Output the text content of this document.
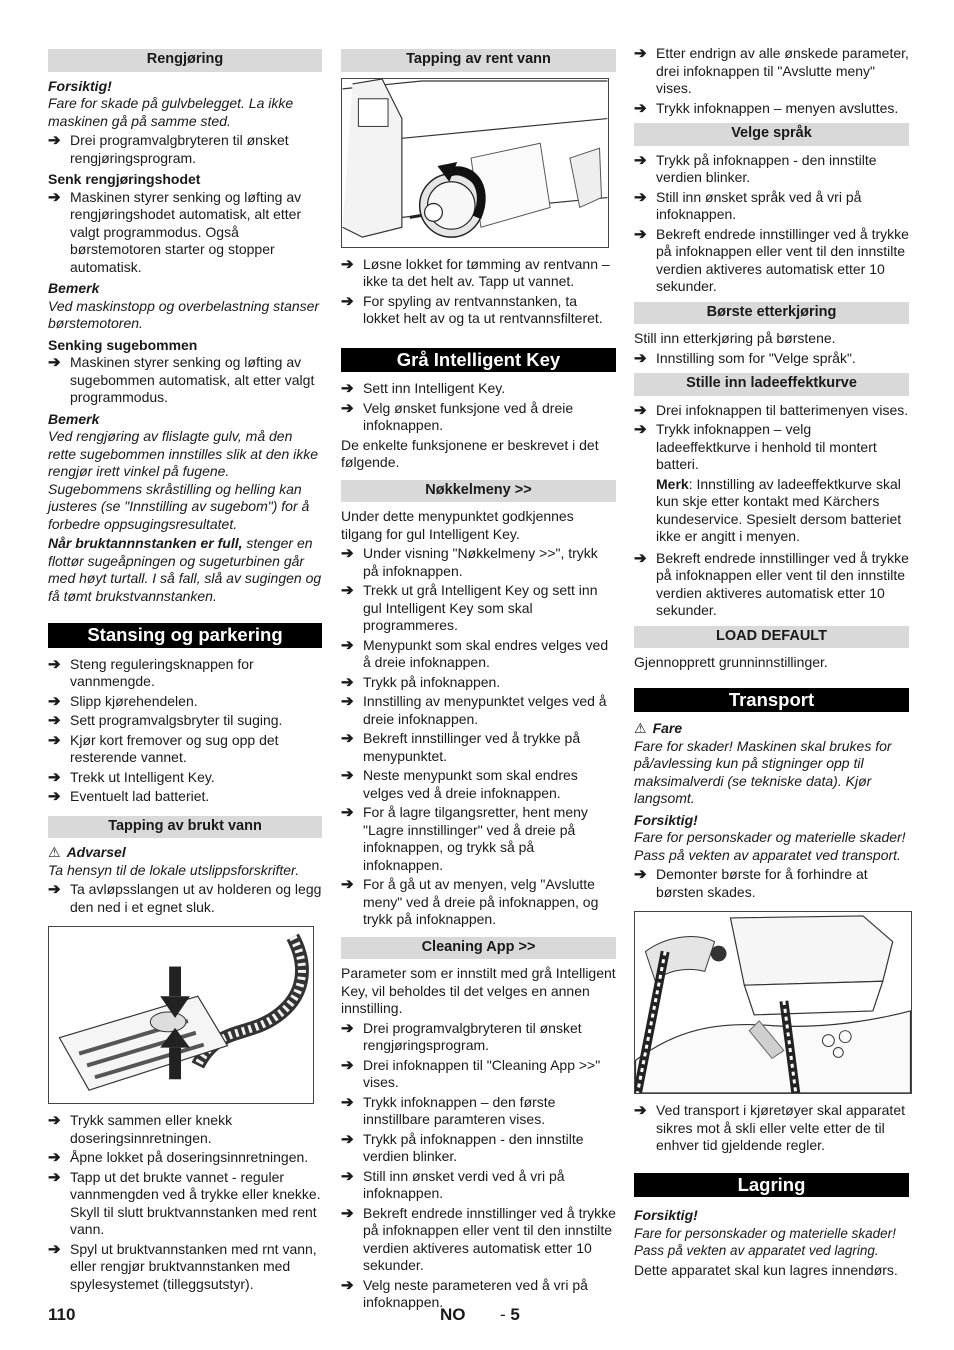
Rengjøring
Forsiktig!
Fare for skade på gulvbelegget. La ikke maskinen gå på samme sted.
➔ Drei programvalgbryteren til ønsket rengjøringsprogram.
Senk rengjøringshodet
➔ Maskinen styrer senking og løfting av rengjøringshodet automatisk, alt etter valgt programmodus. Også børstemotoren starter og stopper automatisk.
Bemerk
Ved maskinstopp og overbelastning stanser børstemotoren.
Senking sugebommen
➔ Maskinen styrer senking og løfting av sugebommen automatisk, alt etter valgt programmodus.
Bemerk
Ved rengjøring av flislagte gulv, må den rette sugebommen innstilles slik at den ikke rengjør irett vinkel på fugene. Sugebommens skråstilling og helling kan justeres (se "Innstilling av sugebom") for å forbedre oppsugingsresultatet.
Når bruktannnstanken er full, stenger en flottør sugeåpningen og sugeturbinen går med høyt turtall. I så fall, slå av sugingen og få tømt brukstvannstanken.
Stansing og parkering
➔ Steng reguleringsknappen for vannmengde.
➔ Slipp kjørehendelen.
➔ Sett programvalgsbryter til suging.
➔ Kjør kort fremover og sug opp det resterende vannet.
➔ Trekk ut Intelligent Key.
➔ Eventuelt lad batteriet.
Tapping av brukt vann
⚠ Advarsel
Ta hensyn til de lokale utslippsforskrifter.
➔ Ta avløpsslangen ut av holderen og legg den ned i et egnet sluk.
➔ Trykk sammen eller knekk doseringsinnretningen.
➔ Åpne lokket på doseringsinnretningen.
➔ Tapp ut det brukte vannet - reguler vannmengden ved å trykke eller knekke. Skyll til slutt bruktvannstanken med rent vann.
➔ Spyl ut bruktvannstanken med rnt vann, eller rengjør bruktvannstanken med spylesystemet (tilleggsutstyr).
Tapping av rent vann
➔ Løsne lokket for tømming av rentvann – ikke ta det helt av. Tapp ut vannet.
➔ For spyling av rentvannstanken, ta lokket helt av og ta ut rentvannsfilteret.
Grå Intelligent Key
➔ Sett inn Intelligent Key.
➔ Velg ønsket funksjone ved å dreie infoknappen.
De enkelte funksjonene er beskrevet i det følgende.
Nøkkelmeny >>
Under dette menypunktet godkjennes tilgang for gul Intelligent Key.
➔ Under visning "Nøkkelmeny >>", trykk på infoknappen.
➔ Trekk ut grå Intelligent Key og sett inn gul Intelligent Key som skal programmeres.
➔ Menypunkt som skal endres velges ved å dreie infoknappen.
➔ Trykk på infoknappen.
➔ Innstilling av menypunktet velges ved å dreie infoknappen.
➔ Bekreft innstillinger ved å trykke på menypunktet.
➔ Neste menypunkt som skal endres velges ved å dreie infoknappen.
➔ For å lagre tilgangsretter, hent meny "Lagre innstillinger" ved å dreie på infoknappen, og trykk så på infoknappen.
➔ For å gå ut av menyen, velg "Avslutte meny" ved å dreie på infoknappen, og trykk på infoknappen.
Cleaning App >>
Parameter som er innstilt med grå Intelligent Key, vil beholdes til det velges en annen innstilling.
➔ Drei programvalgbryteren til ønsket rengjøringsprogram.
➔ Drei infoknappen til "Cleaning App >>" vises.
➔ Trykk infoknappen – den første innstillbare paramteren vises.
➔ Trykk på infoknappen - den innstilte verdien blinker.
➔ Still inn ønsket verdi ved å vri på infoknappen.
➔ Bekreft endrede innstillinger ved å trykke på infoknappen eller vent til den innstilte verdien aktiveres automatisk etter 10 sekunder.
➔ Velg neste parameteren ved å vri på infoknappen.
➔ Etter endrign av alle ønskede parameter, drei infoknappen til "Avslutte meny" vises.
➔ Trykk infoknappen – menyen avsluttes.
Velge språk
➔ Trykk på infoknappen - den innstilte verdien blinker.
➔ Still inn ønsket språk ved å vri på infoknappen.
➔ Bekreft endrede innstillinger ved å trykke på infoknappen eller vent til den innstilte verdien aktiveres automatisk etter 10 sekunder.
Børste etterkjøring
Still inn etterkjøring på børstene.
➔ Innstilling som for "Velge språk".
Stille inn ladeeffektkurve
➔ Drei infoknappen til batterimenyen vises.
➔ Trykk infoknappen – velg ladeeffektkurve i henhold til montert batteri.
Merk: Innstilling av ladeeffektkurve skal kun skje etter kontakt med Kärchers kundeservice. Spesielt dersom batteriet ikke er angitt i menyen.
➔ Bekreft endrede innstillinger ved å trykke på infoknappen eller vent til den innstilte verdien aktiveres automatisk etter 10 sekunder.
LOAD DEFAULT
Gjennopprett grunninnstillinger.
Transport
⚠ Fare
Fare for skader! Maskinen skal brukes for på/avlessing kun på stigninger opp til maksimalverdi (se tekniske data). Kjør langsomt.
Forsiktig!
Fare for personskader og materielle skader! Pass på vekten av apparatet ved transport.
➔ Demonter børste for å forhindre at børsten skades.
➔ Ved transport i kjøretøyer skal apparatet sikres mot å skli eller velte etter de til enhver tid gjeldende regler.
Lagring
Forsiktig!
Fare for personskader og materielle skader! Pass på vekten av apparatet ved lagring.
Dette apparatet skal kun lagres innendørs.
110	NO - 5
